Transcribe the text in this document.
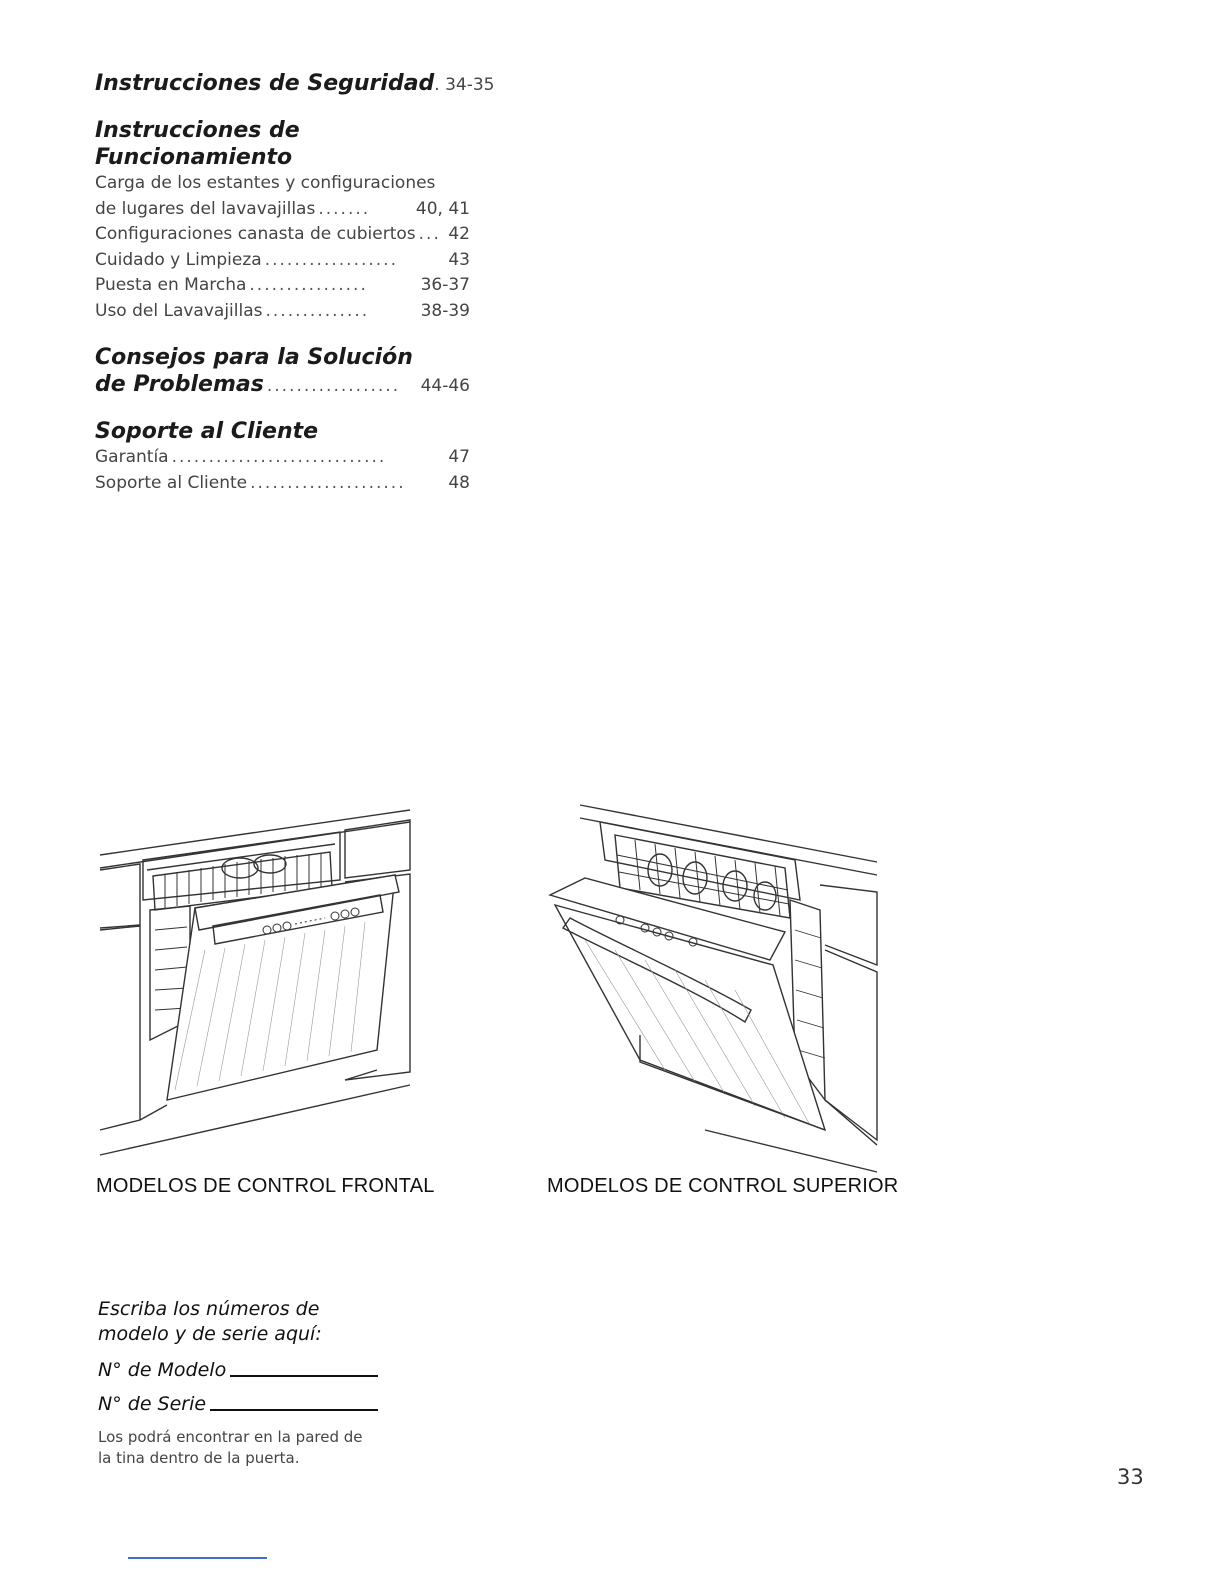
Instrucciones de Seguridad . 34-35
Instrucciones de Funcionamiento
Carga de los estantes y configuraciones
de lugares del lavavajillas .......	40, 41
Configuraciones canasta de cubiertos ... 42
Cuidado y Limpieza ..................	43
Puesta en Marcha ................	36-37
Uso del Lavavajillas ..............	38-39
Consejos para la Solución
de Problemas ..................	44-46
Soporte al Cliente
Garantía .............................	47
Soporte al Cliente .....................	48
MODELOS DE CONTROL FRONTAL	MODELOS DE CONTROL SUPERIOR
Escriba los números de
modelo y de serie aquí:
N° de Modelo
N° de Serie
Los podrá encontrar en la pared de
la tina dentro de la puerta.
33
